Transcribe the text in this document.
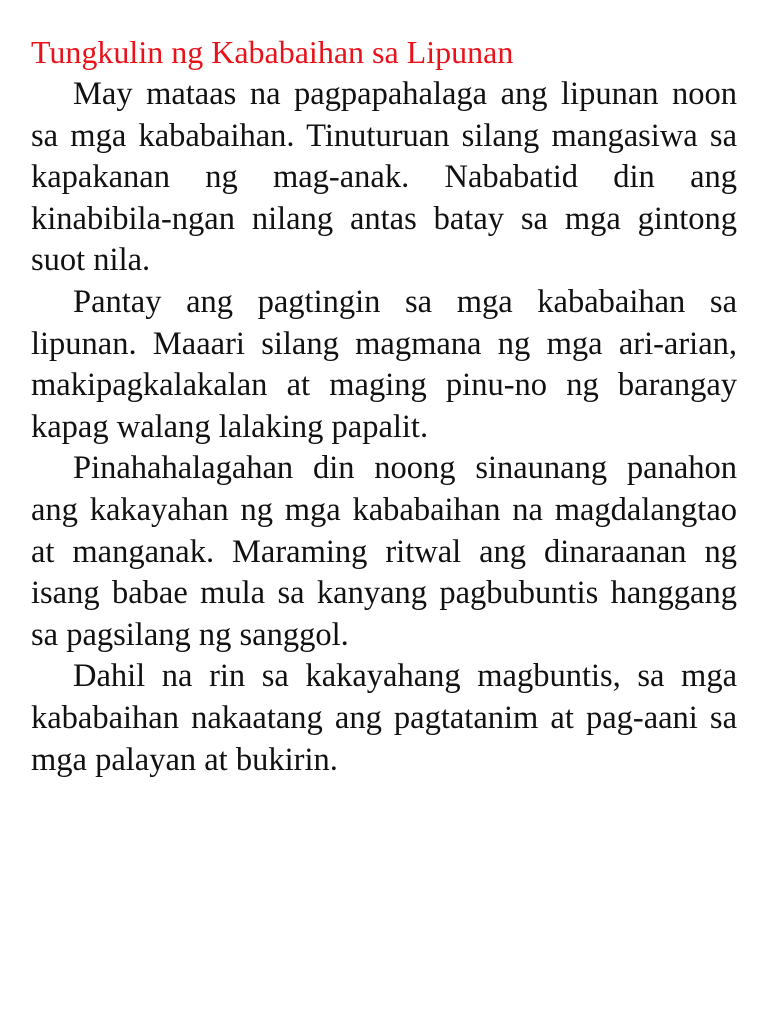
Tungkulin ng Kababaihan sa Lipunan

May mataas na pagpapahalaga ang lipunan noon sa mga kababaihan. Tinuturuan silang mangasiwa sa kapakanan ng mag-anak. Nababatid din ang kinabibila-ngan nilang antas batay sa mga gintong suot nila.

Pantay ang pagtingin sa mga kababaihan sa lipunan. Maaari silang magmana ng mga ari-arian, makipagkalakalan at maging pinu-no ng barangay kapag walang lalaking papalit.

Pinahahalagahan din noong sinaunang panahon ang kakayahan ng mga kababaihan na magdalangtao at manganak. Maraming ritwal ang dinaraanan ng isang babae mula sa kanyang pagbubuntis hanggang sa pagsilang ng sanggol.

Dahil na rin sa kakayahang magbuntis, sa mga kababaihan nakaatang ang pagtatanim at pag-aani sa mga palayan at bukirin.
